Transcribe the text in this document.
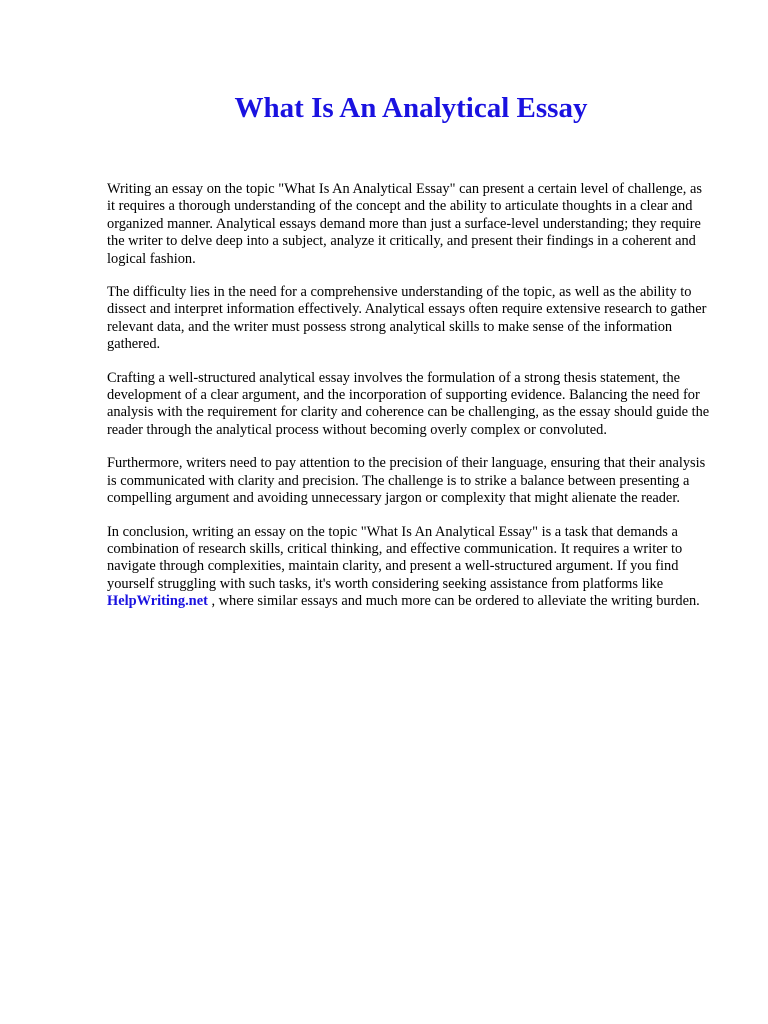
What Is An Analytical Essay

Writing an essay on the topic "What Is An Analytical Essay" can present a certain level of challenge, as it requires a thorough understanding of the concept and the ability to articulate thoughts in a clear and organized manner. Analytical essays demand more than just a surface-level understanding; they require the writer to delve deep into a subject, analyze it critically, and present their findings in a coherent and logical fashion.

The difficulty lies in the need for a comprehensive understanding of the topic, as well as the ability to dissect and interpret information effectively. Analytical essays often require extensive research to gather relevant data, and the writer must possess strong analytical skills to make sense of the information gathered.

Crafting a well-structured analytical essay involves the formulation of a strong thesis statement, the development of a clear argument, and the incorporation of supporting evidence. Balancing the need for analysis with the requirement for clarity and coherence can be challenging, as the essay should guide the reader through the analytical process without becoming overly complex or convoluted.

Furthermore, writers need to pay attention to the precision of their language, ensuring that their analysis is communicated with clarity and precision. The challenge is to strike a balance between presenting a compelling argument and avoiding unnecessary jargon or complexity that might alienate the reader.

In conclusion, writing an essay on the topic "What Is An Analytical Essay" is a task that demands a combination of research skills, critical thinking, and effective communication. It requires a writer to navigate through complexities, maintain clarity, and present a well-structured argument. If you find yourself struggling with such tasks, it's worth considering seeking assistance from platforms like HelpWriting.net , where similar essays and much more can be ordered to alleviate the writing burden.
